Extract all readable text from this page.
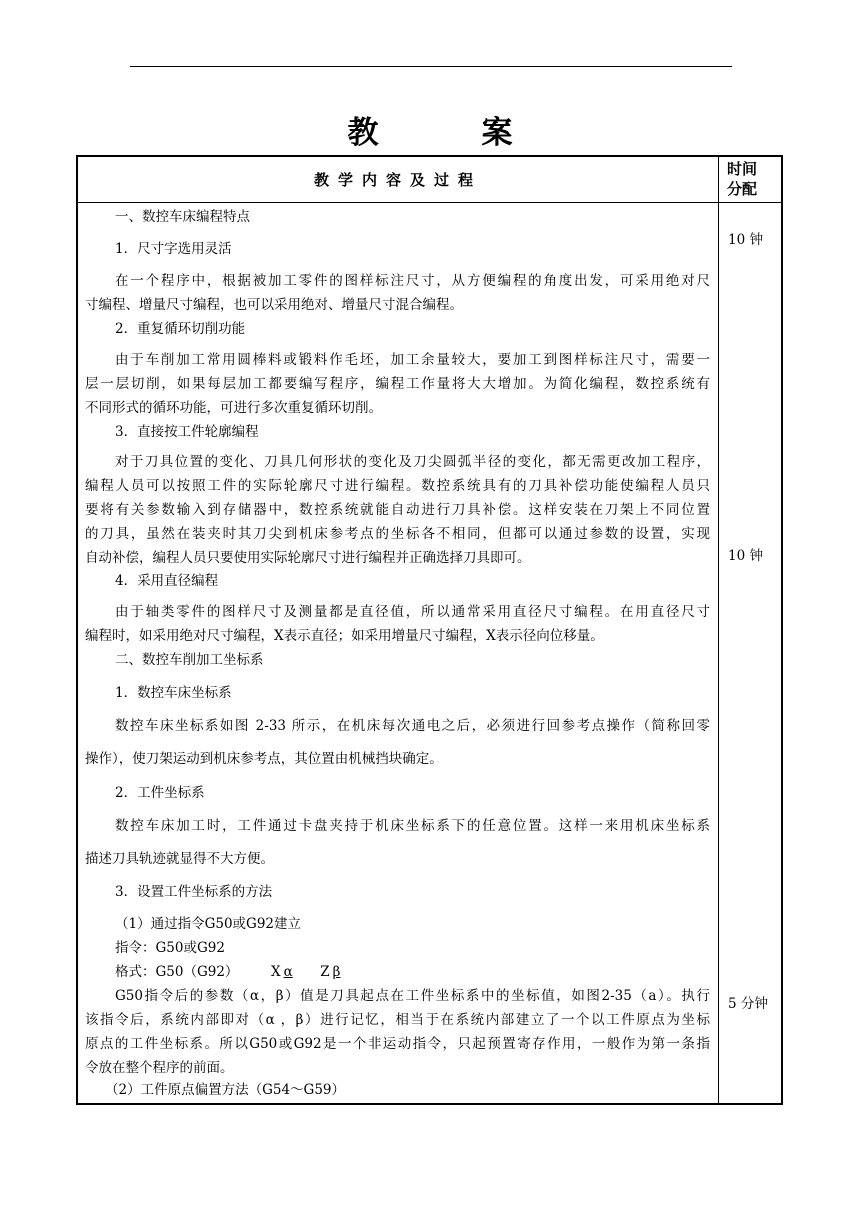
教　案
教学内容及过程
时间
分配
一、数控车床编程特点
1．尺寸字选用灵活
在一个程序中，根据被加工零件的图样标注尺寸，从方便编程的角度出发，可采用绝对尺
寸编程、增量尺寸编程，也可以采用绝对、增量尺寸混合编程。
2．重复循环切削功能
由于车削加工常用圆棒料或锻料作毛坯，加工余量较大，要加工到图样标注尺寸，需要一
层一层切削，如果每层加工都要编写程序，编程工作量将大大增加。为简化编程，数控系统有
不同形式的循环功能，可进行多次重复循环切削。
3．直接按工件轮廓编程
对于刀具位置的变化、刀具几何形状的变化及刀尖圆弧半径的变化，都无需更改加工程序，
编程人员可以按照工件的实际轮廓尺寸进行编程。数控系统具有的刀具补偿功能使编程人员只
要将有关参数输入到存储器中，数控系统就能自动进行刀具补偿。这样安装在刀架上不同位置
的刀具，虽然在装夹时其刀尖到机床参考点的坐标各不相同，但都可以通过参数的设置，实现
自动补偿，编程人员只要使用实际轮廓尺寸进行编程并正确选择刀具即可。
4．采用直径编程
由于轴类零件的图样尺寸及测量都是直径值，所以通常采用直径尺寸编程。在用直径尺寸
编程时，如采用绝对尺寸编程，X表示直径；如采用增量尺寸编程，X表示径向位移量。
二、数控车削加工坐标系
1．数控车床坐标系
数控车床坐标系如图 2-33 所示，在机床每次通电之后，必须进行回参考点操作（简称回零
操作），使刀架运动到机床参考点，其位置由机械挡块确定。
2．工件坐标系
数控车床加工时，工件通过卡盘夹持于机床坐标系下的任意位置。这样一来用机床坐标系
描述刀具轨迹就显得不大方便。
3．设置工件坐标系的方法
（1）通过指令G50或G92建立
指令：G50或G92
格式：G50（G92） X α Z β
G50指令后的参数（α，β）值是刀具起点在工件坐标系中的坐标值，如图2-35（a）。执行
该指令后，系统内部即对（α ，β）进行记忆，相当于在系统内部建立了一个以工件原点为坐标
原点的工件坐标系。所以G50或G92是一个非运动指令，只起预置寄存作用，一般作为第一条指
令放在整个程序的前面。
（2）工件原点偏置方法（G54～G59）
10 钟
10 钟
5 分钟
